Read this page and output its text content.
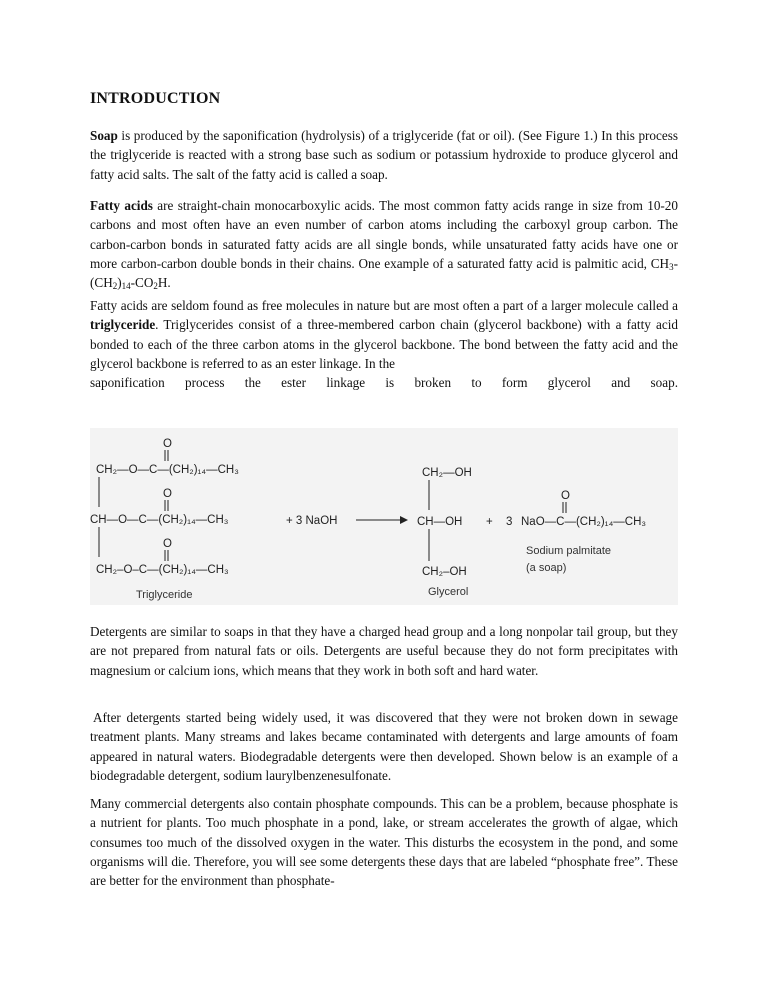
INTRODUCTION

Soap is produced by the saponification (hydrolysis) of a triglyceride (fat or oil). (See Figure 1.) In this process the triglyceride is reacted with a strong base such as sodium or potassium hydroxide to produce glycerol and fatty acid salts. The salt of the fatty acid is called a soap.

Fatty acids are straight-chain monocarboxylic acids. The most common fatty acids range in size from 10-20 carbons and most often have an even number of carbon atoms including the carboxyl group carbon. The carbon-carbon bonds in saturated fatty acids are all single bonds, while unsaturated fatty acids have one or more carbon-carbon double bonds in their chains. One example of a saturated fatty acid is palmitic acid, $CH_3-(CH_2)_{14}-CO_2H$.

Fatty acids are seldom found as free molecules in nature but are most often a part of a larger molecule called a triglyceride. Triglycerides consist of a three-membered carbon chain (glycerol backbone) with a fatty acid bonded to each of the three carbon atoms in the glycerol backbone. The bond between the fatty acid and the glycerol backbone is referred to as an ester linkage. In the

saponification process the ester linkage is broken to form glycerol and soap.

O
CH₂—O—C—(CH₂)₁₄—CH₃
O
CH—O—C—(CH₂)₁₄—CH₃
O
CH₂–O–C—(CH₂)₁₄—CH₃
Triglyceride
+ 3 NaOH
CH₂—OH
CH—OH
CH₂–OH
Glycerol
+ 3
O
NaO—C—(CH₂)₁₄—CH₃
Sodium palmitate
(a soap)

Detergents are similar to soaps in that they have a charged head group and a long nonpolar tail group, but they are not prepared from natural fats or oils. Detergents are useful because they do not form precipitates with magnesium or calcium ions, which means that they work in both soft and hard water.

After detergents started being widely used, it was discovered that they were not broken down in sewage treatment plants. Many streams and lakes became contaminated with detergents and large amounts of foam appeared in natural waters. Biodegradable detergents were then developed. Shown below is an example of a biodegradable detergent, sodium laurylbenzenesulfonate.

Many commercial detergents also contain phosphate compounds. This can be a problem, because phosphate is a nutrient for plants. Too much phosphate in a pond, lake, or stream accelerates the growth of algae, which consumes too much of the dissolved oxygen in the water. This disturbs the ecosystem in the pond, and some organisms will die. Therefore, you will see some detergents these days that are labeled “phosphate free”. These are better for the environment than phosphate-
